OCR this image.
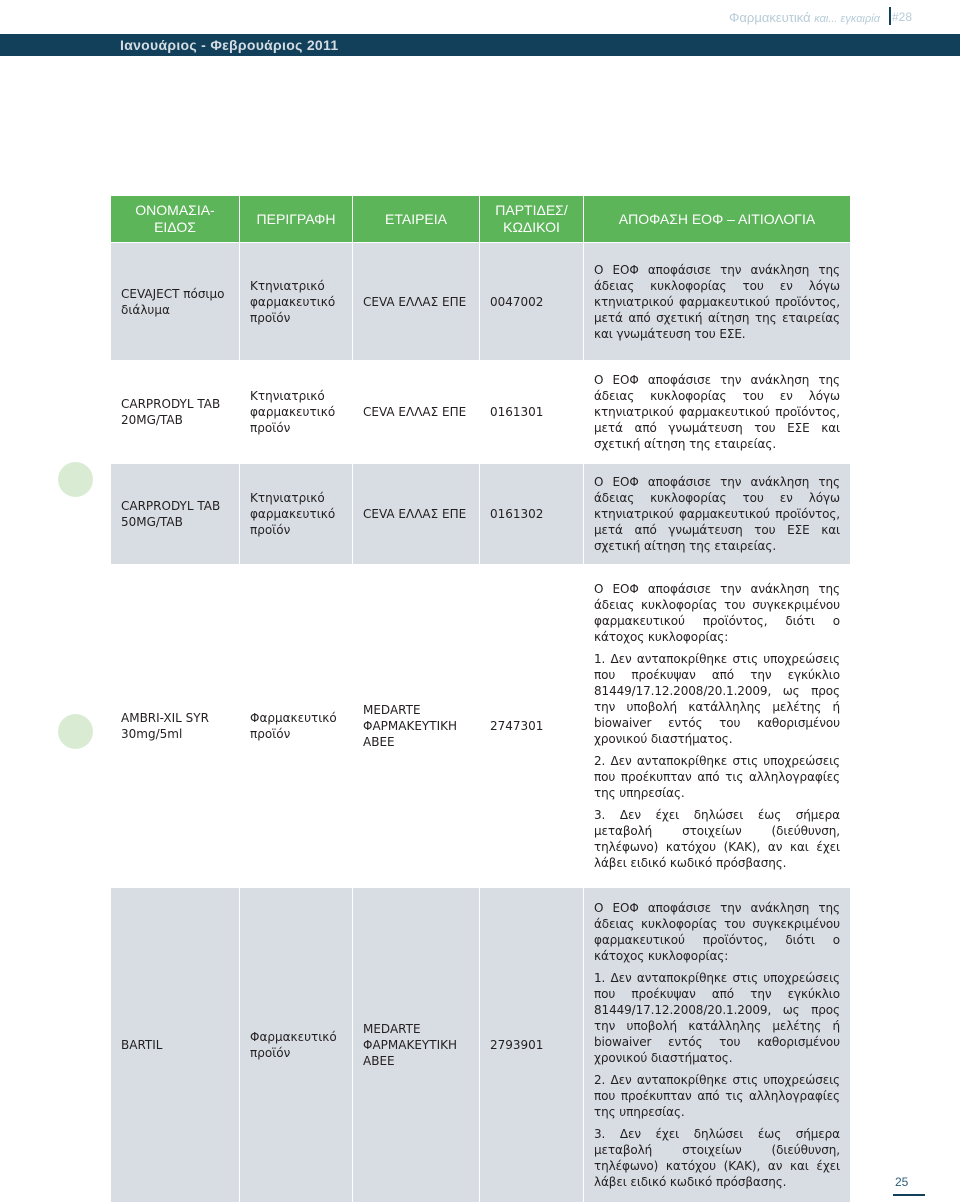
Φαρμακευτικά και... εγκαιρία #28
Ιανουάριος - Φεβρουάριος 2011
ΟΝΟΜΑΣΙΑ-ΕΙΔΟΣ	ΠΕΡΙΓΡΑΦΗ	ΕΤΑΙΡΕΙΑ	ΠΑΡΤΙΔΕΣ/ ΚΩΔΙΚΟΙ	ΑΠΟΦΑΣΗ ΕΟΦ – ΑΙΤΙΟΛΟΓΙΑ
CEVAJECT πόσιμο διάλυμα	Κτηνιατρικό φαρμακευτικό προϊόν	CEVA ΕΛΛΑΣ ΕΠΕ	0047002	Ο ΕΟΦ αποφάσισε την ανάκληση της άδειας κυκλοφορίας του εν λόγω κτηνιατρικού φαρμακευτικού προϊόντος, μετά από σχετική αίτηση της εταιρείας και γνωμάτευση του ΕΣΕ.

CARPRODYL TAB 20MG/TAB	Κτηνιατρικό φαρμακευτικό προϊόν	CEVA ΕΛΛΑΣ ΕΠΕ	0161301	Ο ΕΟΦ αποφάσισε την ανάκληση της άδειας κυκλοφορίας του εν λόγω κτηνιατρικού φαρμακευτικού προϊόντος, μετά από γνωμάτευση του ΕΣΕ και σχετική αίτηση της εταιρείας.

CARPRODYL TAB 50MG/TAB	Κτηνιατρικό φαρμακευτικό προϊόν	CEVA ΕΛΛΑΣ ΕΠΕ	0161302	Ο ΕΟΦ αποφάσισε την ανάκληση της άδειας κυκλοφορίας του εν λόγω κτηνιατρικού φαρμακευτικού προϊόντος, μετά από γνωμάτευση του ΕΣΕ και σχετική αίτηση της εταιρείας.

AMBRI-XIL SYR 30mg/5ml	Φαρμακευτικό προϊόν	MEDARTE ΦΑΡΜΑΚΕΥΤΙΚΗ ΑΒΕΕ	2747301	Ο ΕΟΦ αποφάσισε την ανάκληση της άδειας κυκλοφορίας του συγκεκριμένου φαρμακευτικού προϊόντος, διότι ο κάτοχος κυκλοφορίας:

1. Δεν ανταποκρίθηκε στις υποχρεώσεις που προέκυψαν από την εγκύκλιο 81449/17.12.2008/20.1.2009, ως προς την υποβολή κατάλληλης μελέτης ή biowaiver εντός του καθορισμένου χρονικού διαστήματος.

2. Δεν ανταποκρίθηκε στις υποχρεώσεις που προέκυπταν από τις αλληλογραφίες της υπηρεσίας.

3. Δεν έχει δηλώσει έως σήμερα μεταβολή στοιχείων (διεύθυνση, τηλέφωνο) κατόχου (ΚΑΚ), αν και έχει λάβει ειδικό κωδικό πρόσβασης.

BARTIL	Φαρμακευτικό προϊόν	MEDARTE ΦΑΡΜΑΚΕΥΤΙΚΗ ΑΒΕΕ	2793901	Ο ΕΟΦ αποφάσισε την ανάκληση της άδειας κυκλοφορίας του συγκεκριμένου φαρμακευτικού προϊόντος, διότι ο κάτοχος κυκλοφορίας:

1. Δεν ανταποκρίθηκε στις υποχρεώσεις που προέκυψαν από την εγκύκλιο 81449/17.12.2008/20.1.2009, ως προς την υποβολή κατάλληλης μελέτης ή biowaiver εντός του καθορισμένου χρονικού διαστήματος.

2. Δεν ανταποκρίθηκε στις υποχρεώσεις που προέκυπταν από τις αλληλογραφίες της υπηρεσίας.

3. Δεν έχει δηλώσει έως σήμερα μεταβολή στοιχείων (διεύθυνση, τηλέφωνο) κατόχου (ΚΑΚ), αν και έχει λάβει ειδικό κωδικό πρόσβασης.	25
